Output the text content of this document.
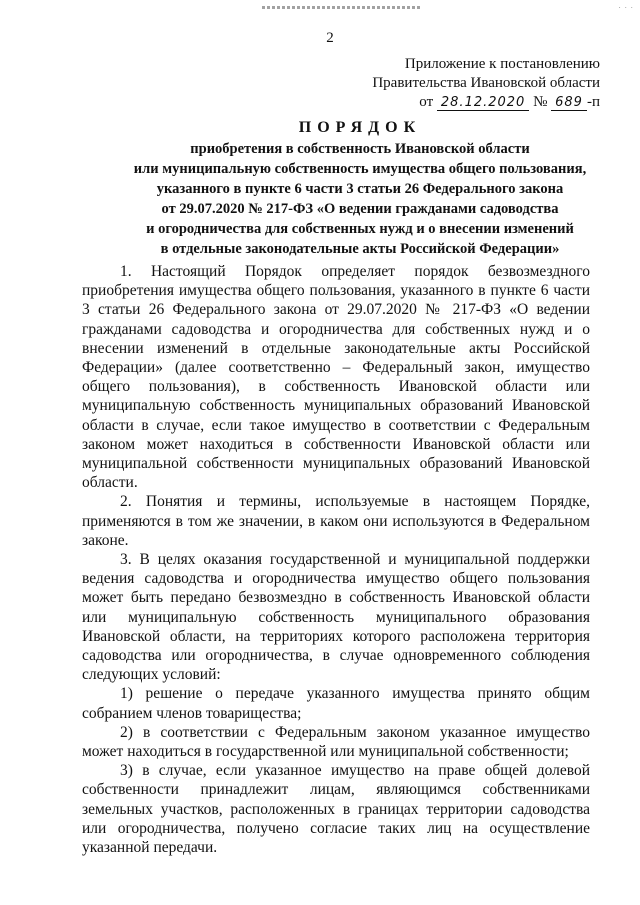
· · ·
2
Приложение к постановлению
Правительства Ивановской области
от 28.12.2020 № 689 -п
ПОРЯДОК
приобретения в собственность Ивановской области
или муниципальную собственность имущества общего пользования,
указанного в пункте 6 части 3 статьи 26 Федерального закона
от 29.07.2020 № 217-ФЗ «О ведении гражданами садоводства
и огородничества для собственных нужд и о внесении изменений
в отдельные законодательные акты Российской Федерации»

1. Настоящий Порядок определяет порядок безвозмездного приобретения имущества общего пользования, указанного в пункте 6 части 3 статьи 26 Федерального закона от 29.07.2020 № 217-ФЗ «О ведении гражданами садоводства и огородничества для собственных нужд и о внесении изменений в отдельные законодательные акты Российской Федерации» (далее соответственно – Федеральный закон, имущество общего пользования), в собственность Ивановской области или муниципальную собственность муниципальных образований Ивановской области в случае, если такое имущество в соответствии с Федеральным законом может находиться в собственности Ивановской области или муниципальной собственности муниципальных образований Ивановской области.

2. Понятия и термины, используемые в настоящем Порядке, применяются в том же значении, в каком они используются в Федеральном законе.

3. В целях оказания государственной и муниципальной поддержки ведения садоводства и огородничества имущество общего пользования может быть передано безвозмездно в собственность Ивановской области или муниципальную собственность муниципального образования Ивановской области, на территориях которого расположена территория садоводства или огородничества, в случае одновременного соблюдения следующих условий:

1) решение о передаче указанного имущества принято общим собранием членов товарищества;

2) в соответствии с Федеральным законом указанное имущество может находиться в государственной или муниципальной собственности;

3) в случае, если указанное имущество на праве общей долевой собственности принадлежит лицам, являющимся собственниками земельных участков, расположенных в границах территории садоводства или огородничества, получено согласие таких лиц на осуществление указанной передачи.
